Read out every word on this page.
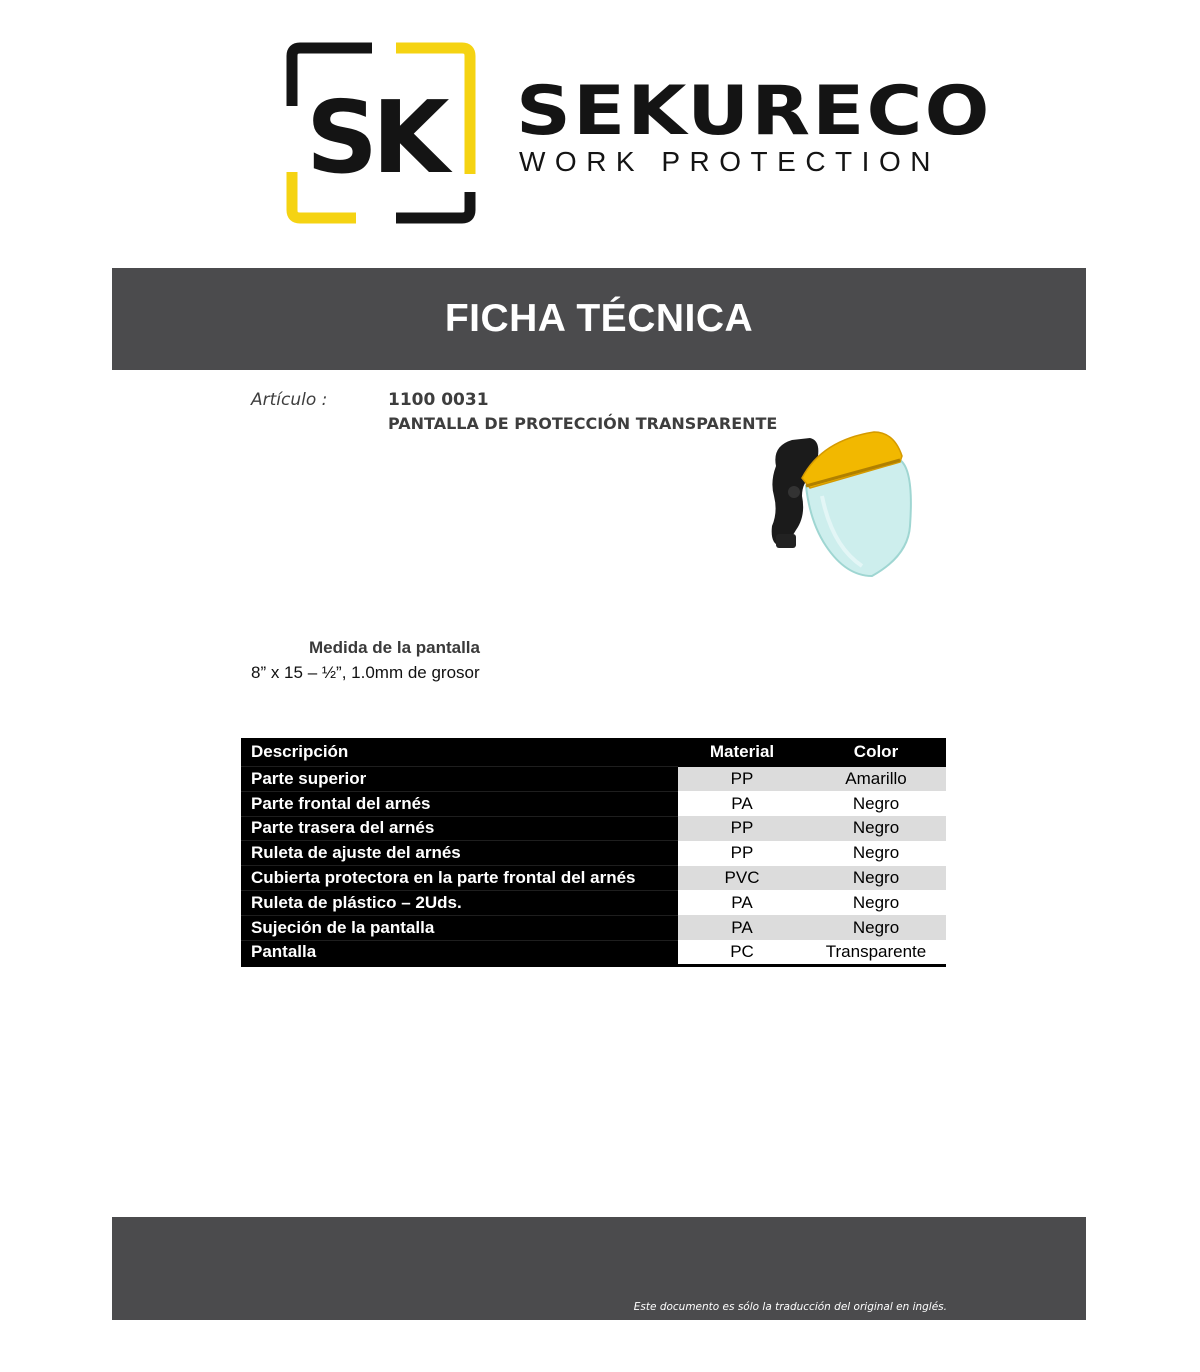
SK SEKURECO
WORK PROTECTION
FICHA TÉCNICA
Artículo :	1100 0031
PANTALLA DE PROTECCIÓN TRANSPARENTE
Medida de la pantalla
8” x 15 – ½”, 1.0mm de grosor
Descripción	Material	Color
Parte superior	PP	Amarillo
Parte frontal del arnés	PA	Negro
Parte trasera del arnés	PP	Negro
Ruleta de ajuste del arnés	PP	Negro
Cubierta protectora en la parte frontal del arnés	PVC	Negro
Ruleta de plástico – 2Uds.	PA	Negro
Sujeción de la pantalla	PA	Negro
Pantalla	PC	Transparente
Este documento es sólo la traducción del original en inglés.
